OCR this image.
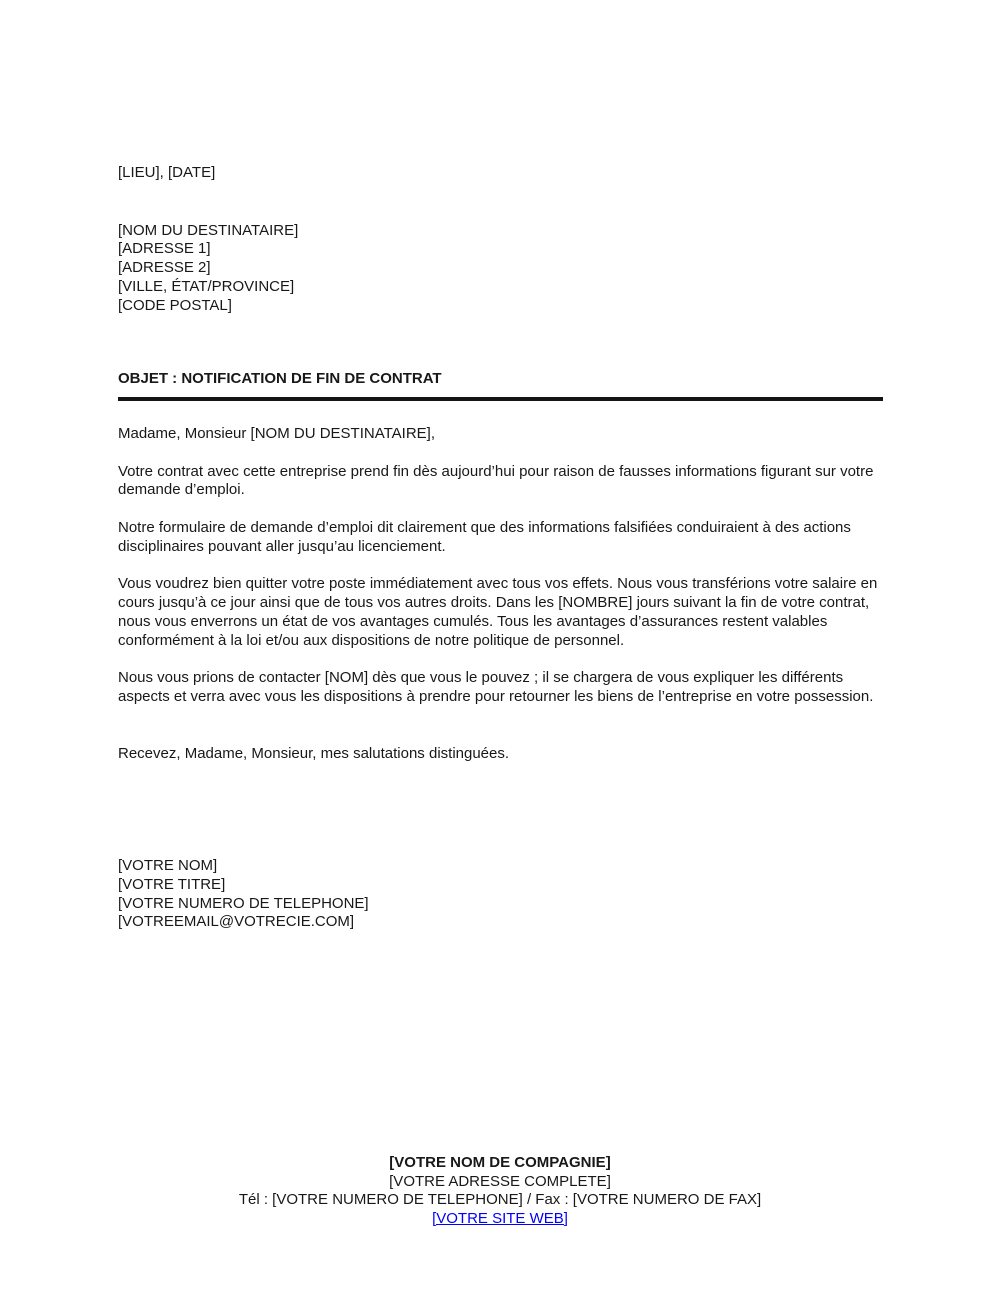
[LIEU], [DATE]
[NOM DU DESTINATAIRE]
[ADRESSE 1]
[ADRESSE 2]
[VILLE, ÉTAT/PROVINCE]
[CODE POSTAL]
OBJET : NOTIFICATION DE FIN DE CONTRAT
Madame, Monsieur [NOM DU DESTINATAIRE],
Votre contrat avec cette entreprise prend fin dès aujourd’hui pour raison de fausses informations figurant sur votre demande d’emploi.
Notre formulaire de demande d’emploi dit clairement que des informations falsifiées conduiraient à des actions disciplinaires pouvant aller jusqu’au licenciement.
Vous voudrez bien quitter votre poste immédiatement avec tous vos effets. Nous vous transférions votre salaire en cours jusqu’à ce jour ainsi que de tous vos autres droits. Dans les [NOMBRE] jours suivant la fin de votre contrat, nous vous enverrons un état de vos avantages cumulés. Tous les avantages d’assurances restent valables conformément à la loi et/ou aux dispositions de notre politique de personnel.
Nous vous prions de contacter [NOM] dès que vous le pouvez ; il se chargera de vous expliquer les différents aspects et verra avec vous les dispositions à prendre pour retourner les biens de l’entreprise en votre possession.
Recevez, Madame, Monsieur, mes salutations distinguées.
[VOTRE NOM]
[VOTRE TITRE]
[VOTRE NUMERO DE TELEPHONE]
[VOTREEMAIL@VOTRECIE.COM]
[VOTRE NOM DE COMPAGNIE]
[VOTRE ADRESSE COMPLETE]
Tél : [VOTRE NUMERO DE TELEPHONE] / Fax : [VOTRE NUMERO DE FAX]
[VOTRE SITE WEB]
